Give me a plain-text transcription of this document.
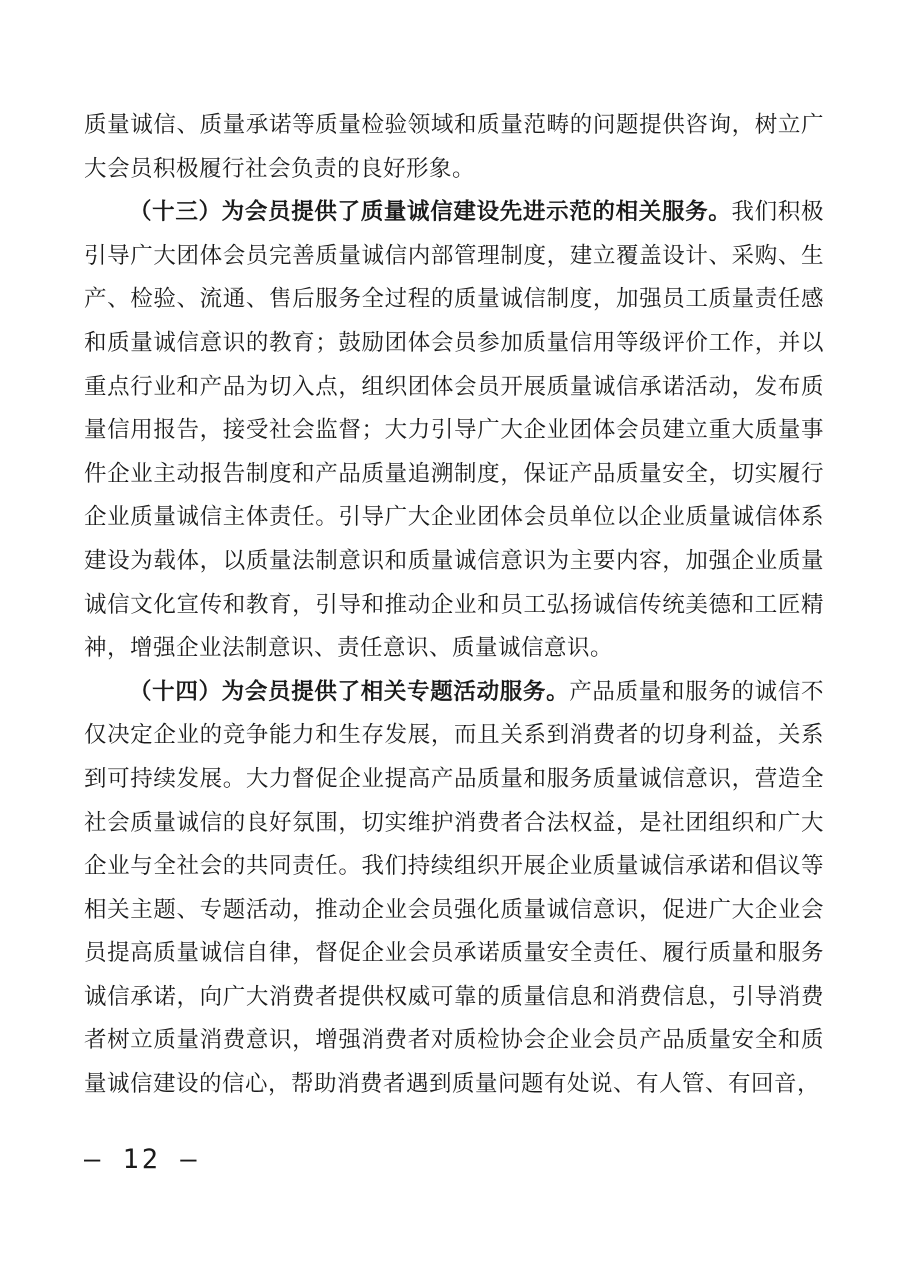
质量诚信、质量承诺等质量检验领域和质量范畴的问题提供咨询，树立广大会员积极履行社会负责的良好形象。

（十三）为会员提供了质量诚信建设先进示范的相关服务。我们积极引导广大团体会员完善质量诚信内部管理制度，建立覆盖设计、采购、生产、检验、流通、售后服务全过程的质量诚信制度，加强员工质量责任感和质量诚信意识的教育；鼓励团体会员参加质量信用等级评价工作，并以重点行业和产品为切入点，组织团体会员开展质量诚信承诺活动，发布质量信用报告，接受社会监督；大力引导广大企业团体会员建立重大质量事件企业主动报告制度和产品质量追溯制度，保证产品质量安全，切实履行企业质量诚信主体责任。引导广大企业团体会员单位以企业质量诚信体系建设为载体，以质量法制意识和质量诚信意识为主要内容，加强企业质量诚信文化宣传和教育，引导和推动企业和员工弘扬诚信传统美德和工匠精神，增强企业法制意识、责任意识、质量诚信意识。

（十四）为会员提供了相关专题活动服务。产品质量和服务的诚信不仅决定企业的竞争能力和生存发展，而且关系到消费者的切身利益，关系到可持续发展。大力督促企业提高产品质量和服务质量诚信意识，营造全社会质量诚信的良好氛围，切实维护消费者合法权益，是社团组织和广大企业与全社会的共同责任。我们持续组织开展企业质量诚信承诺和倡议等相关主题、专题活动，推动企业会员强化质量诚信意识，促进广大企业会员提高质量诚信自律，督促企业会员承诺质量安全责任、履行质量和服务诚信承诺，向广大消费者提供权威可靠的质量信息和消费信息，引导消费者树立质量消费意识，增强消费者对质检协会企业会员产品质量安全和质量诚信建设的信心，帮助消费者遇到质量问题有处说、有人管、有回音，

– 12 –
